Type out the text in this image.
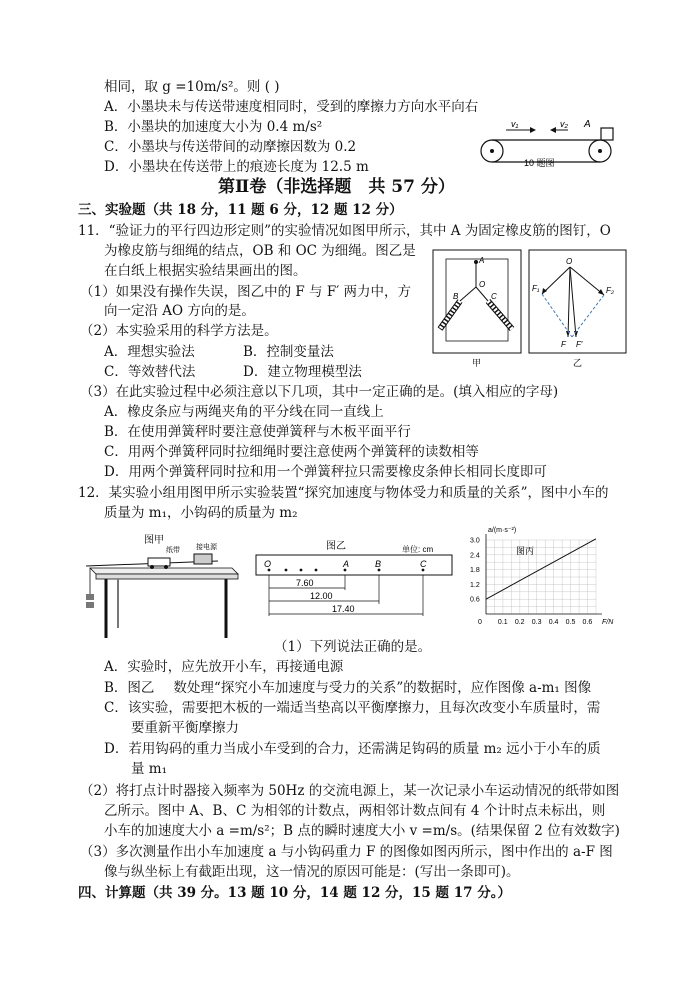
相同，取 g =10m/s²。则 ( )
A．小墨块未与传送带速度相同时，受到的摩擦力方向水平向右
B．小墨块的加速度大小为 0.4 m/s²
C．小墨块与传送带间的动摩擦因数为 0.2
D．小墨块在传送带上的痕迹长度为 12.5 m
v₁	v₂ A
10 题图
第Ⅱ卷（非选择题　共 57 分）
三、实验题（共 18 分，11 题 6 分，12 题 12 分）
11．“验证力的平行四边形定则”的实验情况如图甲所示，其中 A 为固定橡皮筋的图钉，O
为橡皮筋与细绳的结点，OB 和 OC 为细绳。图乙是
在白纸上根据实验结果画出的图。
（1）如果没有操作失误，图乙中的 F 与 F′ 两力中，方
向一定沿 AO 方向的是。
（2）本实验采用的科学方法是。
A．理想实验法	B．控制变量法
C．等效替代法	D．建立物理模型法
（3）在此实验过程中必须注意以下几项，其中一定正确的是。(填入相应的字母)
A．橡皮条应与两绳夹角的平分线在同一直线上
B．在使用弹簧秤时要注意使弹簧秤与木板平面平行
C．用两个弹簧秤同时拉细绳时要注意使两个弹簧秤的读数相等
D．用两个弹簧秤同时拉和用一个弹簧秤拉只需要橡皮条伸长相同长度即可
A
O
B	C
甲
O
F₁	F₂
F F′
乙
12．某实验小组用图甲所示实验装置“探究加速度与物体受力和质量的关系”，图中小车的
质量为 m₁，小钩码的质量为 m₂
图甲
纸带 接电源	图乙	单位: cm
O	A	B	C
7.60
12.00
17.40
0 0.1 0.2 0.3 0.4 0.5 0.6
0.6
1.2
1.8
2.4
3.0
F/N
a/(m·s⁻²)
图丙
（1）下列说法正确的是。
A．实验时，应先放开小车，再接通电源
B．图乙 数处理“探究小车加速度与受力的关系”的数据时，应作图像 a-m₁ 图像
C．该实验，需要把木板的一端适当垫高以平衡摩擦力，且每次改变小车质量时，需
要重新平衡摩擦力
D．若用钩码的重力当成小车受到的合力，还需满足钩码的质量 m₂ 远小于小车的质
量 m₁
（2）将打点计时器接入频率为 50Hz 的交流电源上，某一次记录小车运动情况的纸带如图
乙所示。图中 A、B、C 为相邻的计数点，两相邻计数点间有 4 个计时点未标出，则
小车的加速度大小 a =m/s²；B 点的瞬时速度大小 v =m/s。(结果保留 2 位有效数字)
（3）多次测量作出小车加速度 a 与小钩码重力 F 的图像如图丙所示，图中作出的 a-F 图
像与纵坐标上有截距出现，这一情况的原因可能是：(写出一条即可)。
四、计算题（共 39 分。13 题 10 分，14 题 12 分，15 题 17 分。）
